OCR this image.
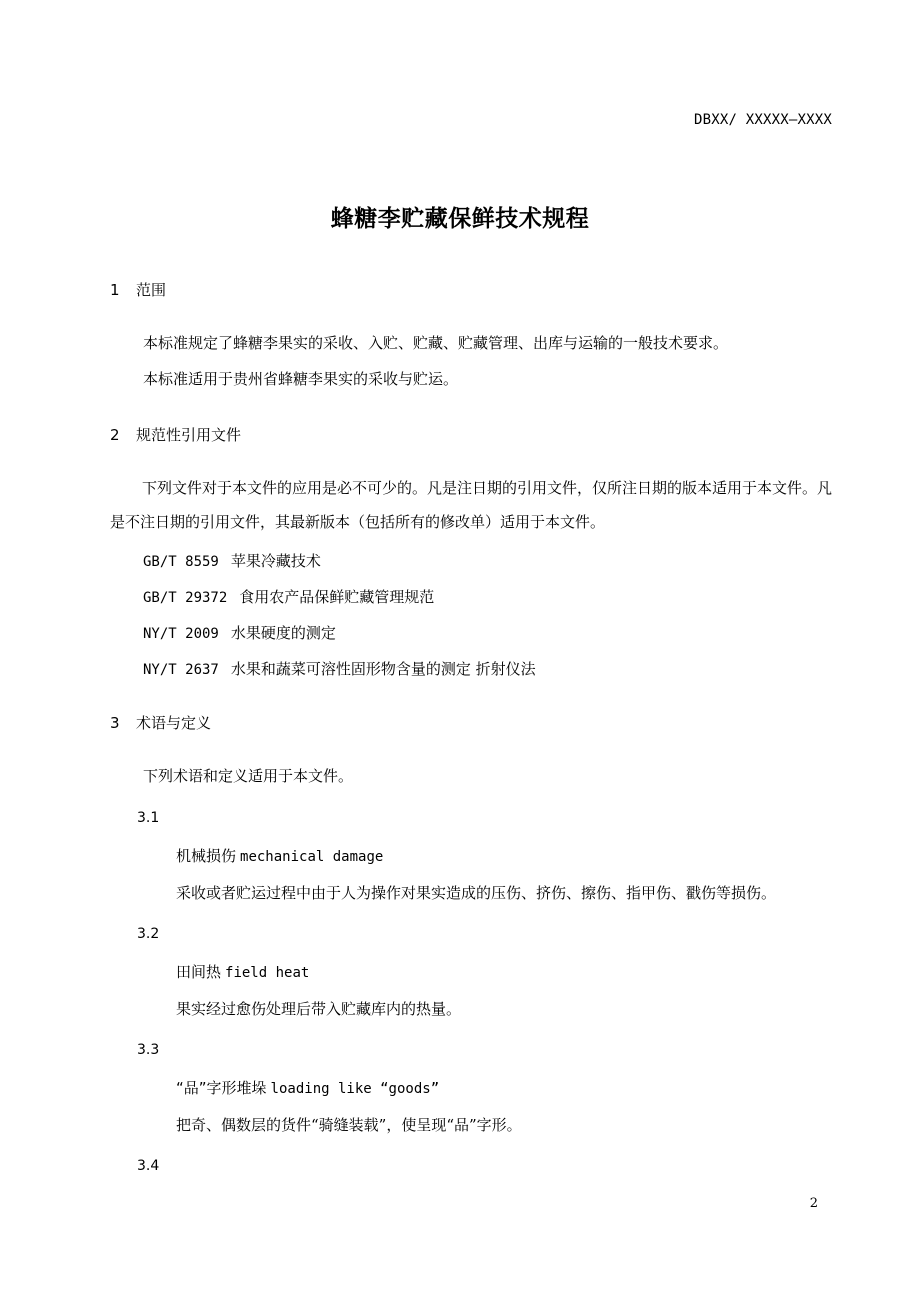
DBXX/ XXXXX—XXXX
蜂糖李贮藏保鲜技术规程
1 范围
本标准规定了蜂糖李果实的采收、入贮、贮藏、贮藏管理、出库与运输的一般技术要求。
本标准适用于贵州省蜂糖李果实的采收与贮运。
2 规范性引用文件
下列文件对于本文件的应用是必不可少的。凡是注日期的引用文件，仅所注日期的版本适用于本文件。凡是不注日期的引用文件，其最新版本（包括所有的修改单）适用于本文件。
GB/T 8559 苹果冷藏技术
GB/T 29372 食用农产品保鲜贮藏管理规范
NY/T 2009 水果硬度的测定
NY/T 2637 水果和蔬菜可溶性固形物含量的测定 折射仪法
3 术语与定义
下列术语和定义适用于本文件。
3.1
机械损伤 mechanical damage
采收或者贮运过程中由于人为操作对果实造成的压伤、挤伤、擦伤、指甲伤、戳伤等损伤。
3.2
田间热 field heat
果实经过愈伤处理后带入贮藏库内的热量。
3.3
“品”字形堆垛 loading like “goods”
把奇、偶数层的货件“骑缝装载”，使呈现“品”字形。
3.4
2
